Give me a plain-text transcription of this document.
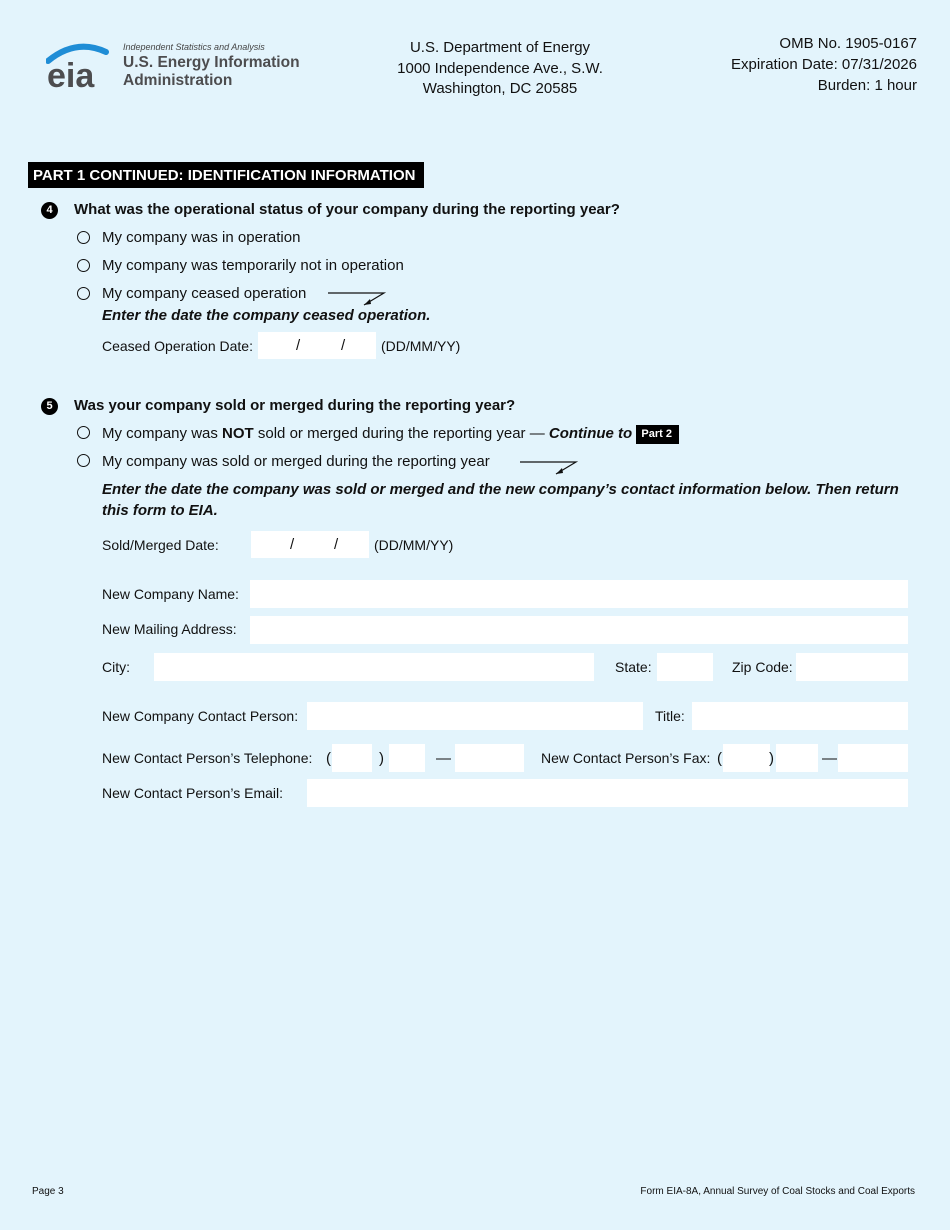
eia
Independent Statistics and Analysis
U.S. Energy Information
Administration
U.S. Department of Energy
1000 Independence Ave., S.W.
Washington, DC 20585
OMB No. 1905-0167
Expiration Date: 07/31/2026
Burden: 1 hour
PART 1 CONTINUED: IDENTIFICATION INFORMATION
4	What was the operational status of your company during the reporting year?
My company was in operation
My company was temporarily not in operation
My company ceased operation
Enter the date the company ceased operation.
Ceased Operation Date:	/	/	(DD/MM/YY)
5	Was your company sold or merged during the reporting year?
My company was NOT sold or merged during the reporting year — Continue to Part 2
My company was sold or merged during the reporting year
Enter the date the company was sold or merged and the new company’s contact information below. Then return this form to EIA.
Sold/Merged Date:	/	/	(DD/MM/YY)
New Company Name:
New Mailing Address:
City:	State:	Zip Code:
New Company Contact Person:	Title:
New Contact Person’s Telephone: (	)	—	New Contact Person’s Fax: (	)	—
New Contact Person’s Email:
Page 3	Form EIA-8A, Annual Survey of Coal Stocks and Coal Exports
